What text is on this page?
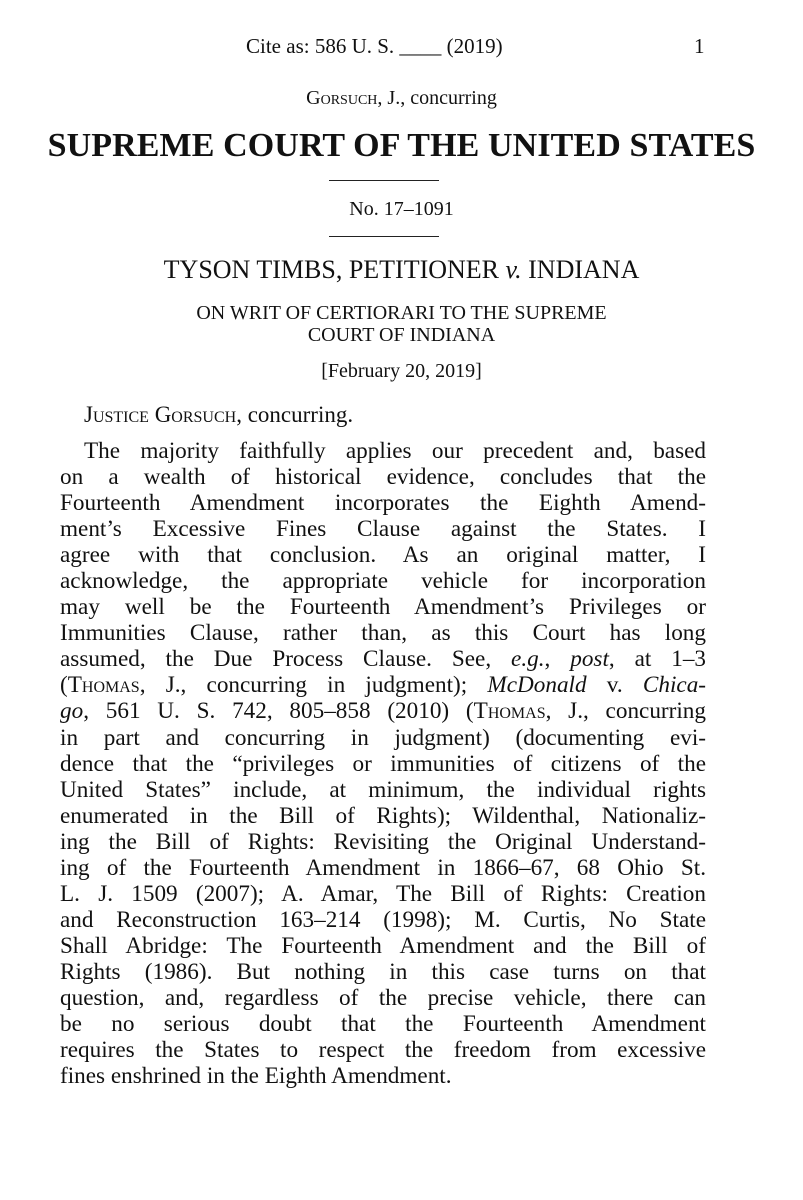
Cite as: 586 U. S. ____ (2019)	1
Gorsuch, J., concurring
SUPREME COURT OF THE UNITED STATES
No. 17–1091
TYSON TIMBS, PETITIONER v. INDIANA
ON WRIT OF CERTIORARI TO THE SUPREME
COURT OF INDIANA
[February 20, 2019]
Justice Gorsuch, concurring.
The majority faithfully applies our precedent and, based
on a wealth of historical evidence, concludes that the
Fourteenth Amendment incorporates the Eighth Amend-
ment’s Excessive Fines Clause against the States. I
agree with that conclusion. As an original matter, I
acknowledge, the appropriate vehicle for incorporation
may well be the Fourteenth Amendment’s Privileges or
Immunities Clause, rather than, as this Court has long
assumed, the Due Process Clause. See, e.g., post, at 1–3
(Thomas, J., concurring in judgment); McDonald v. Chica-
go, 561 U. S. 742, 805–858 (2010) (Thomas, J., concurring
in part and concurring in judgment) (documenting evi-
dence that the “privileges or immunities of citizens of the
United States” include, at minimum, the individual rights
enumerated in the Bill of Rights); Wildenthal, Nationaliz-
ing the Bill of Rights: Revisiting the Original Understand-
ing of the Fourteenth Amendment in 1866–67, 68 Ohio St.
L. J. 1509 (2007); A. Amar, The Bill of Rights: Creation
and Reconstruction 163–214 (1998); M. Curtis, No State
Shall Abridge: The Fourteenth Amendment and the Bill of
Rights (1986). But nothing in this case turns on that
question, and, regardless of the precise vehicle, there can
be no serious doubt that the Fourteenth Amendment
requires the States to respect the freedom from excessive
fines enshrined in the Eighth Amendment.
